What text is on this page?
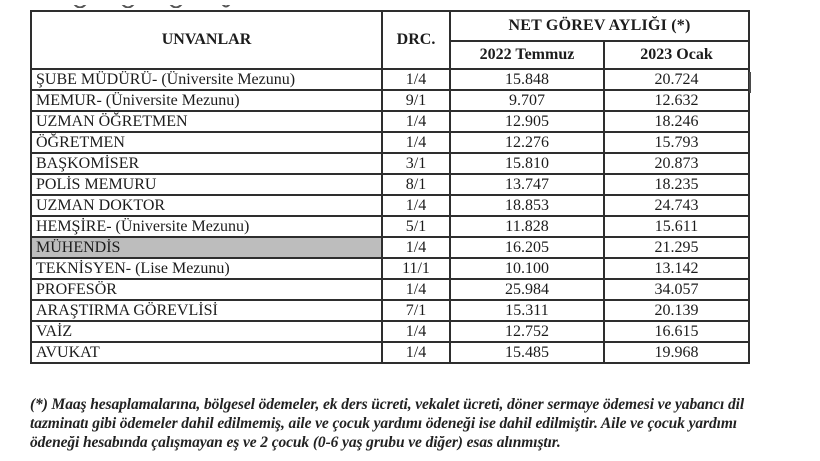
UNVANLAR	DRC.	NET GÖREV AYLIĞI (*)	
		2022 Temmuz	2023 Ocak
ŞUBE MÜDÜRÜ- (Üniversite Mezunu)	1/4	15.848	20.724
MEMUR- (Üniversite Mezunu)	9/1	9.707	12.632
UZMAN ÖĞRETMEN	1/4	12.905	18.246
ÖĞRETMEN	1/4	12.276	15.793
BAŞKOMİSER	3/1	15.810	20.873
POLİS MEMURU	8/1	13.747	18.235
UZMAN DOKTOR	1/4	18.853	24.743
HEMŞİRE- (Üniversite Mezunu)	5/1	11.828	15.611
MÜHENDİS	1/4	16.205	21.295
TEKNİSYEN- (Lise Mezunu)	11/1	10.100	13.142
PROFESÖR	1/4	25.984	34.057
ARAŞTIRMA GÖREVLİSİ	7/1	15.311	20.139
VAİZ	1/4	12.752	16.615
AVUKAT	1/4	15.485	19.968
(*) Maaş hesaplamalarına, bölgesel ödemeler, ek ders ücreti, vekalet ücreti, döner sermaye ödemesi ve yabancı dil tazminatı gibi ödemeler dahil edilmemiş, aile ve çocuk yardımı ödeneği ise dahil edilmiştir. Aile ve çocuk yardımı ödeneği hesabında çalışmayan eş ve 2 çocuk (0-6 yaş grubu ve diğer) esas alınmıştır.
